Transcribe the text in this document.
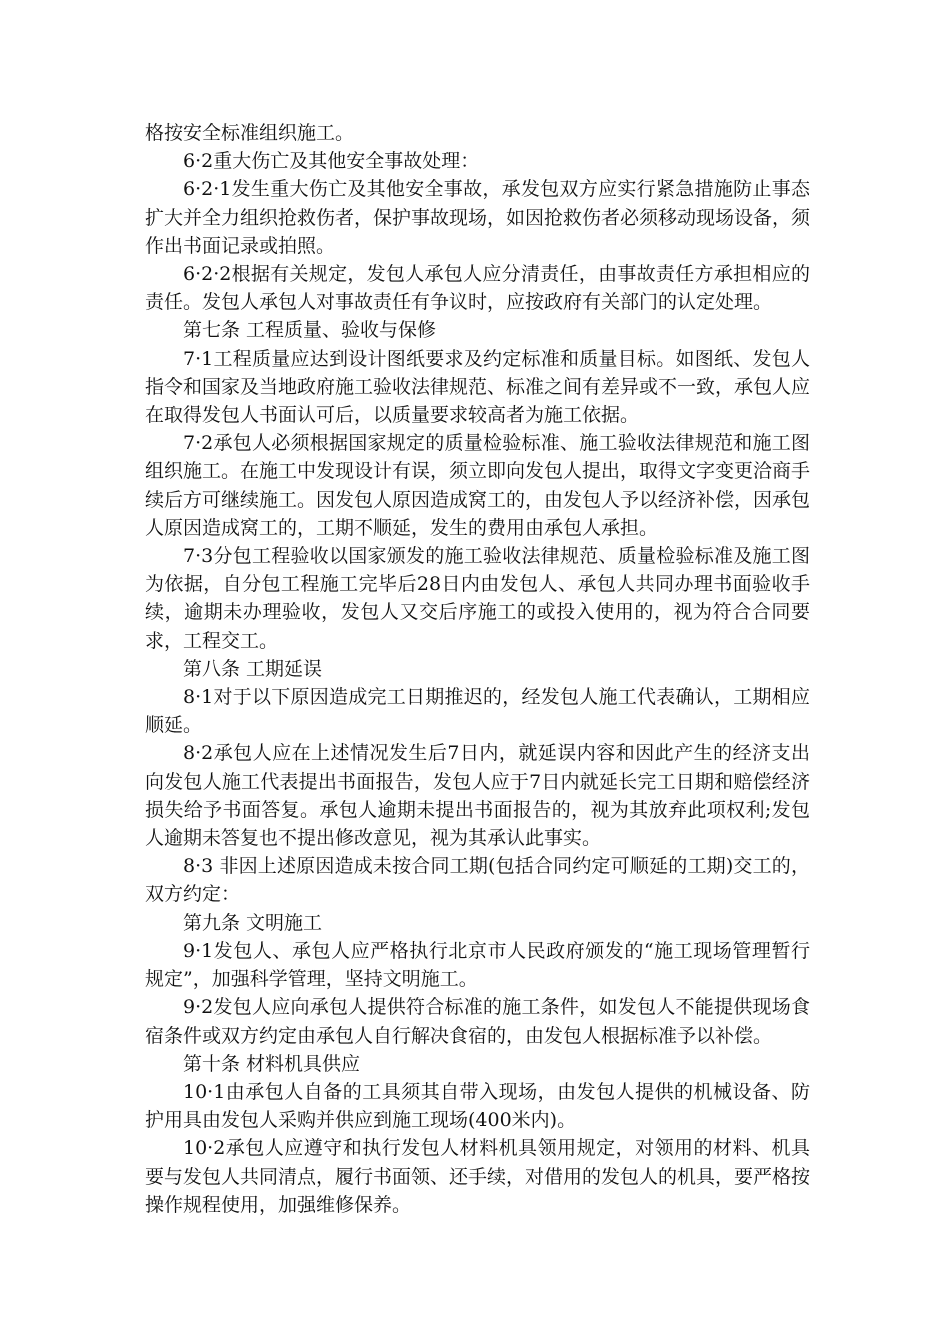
格按安全标准组织施工。

6·2重大伤亡及其他安全事故处理：

6·2·1发生重大伤亡及其他安全事故，承发包双方应实行紧急措施防止事态扩大并全力组织抢救伤者，保护事故现场，如因抢救伤者必须移动现场设备，须作出书面记录或拍照。

6·2·2根据有关规定，发包人承包人应分清责任，由事故责任方承担相应的责任。发包人承包人对事故责任有争议时，应按政府有关部门的认定处理。

第七条 工程质量、验收与保修

7·1工程质量应达到设计图纸要求及约定标准和质量目标。如图纸、发包人指令和国家及当地政府施工验收法律规范、标准之间有差异或不一致，承包人应在取得发包人书面认可后，以质量要求较高者为施工依据。

7·2承包人必须根据国家规定的质量检验标准、施工验收法律规范和施工图组织施工。在施工中发现设计有误，须立即向发包人提出，取得文字变更洽商手续后方可继续施工。因发包人原因造成窝工的，由发包人予以经济补偿，因承包人原因造成窝工的，工期不顺延，发生的费用由承包人承担。

7·3分包工程验收以国家颁发的施工验收法律规范、质量检验标准及施工图为依据，自分包工程施工完毕后28日内由发包人、承包人共同办理书面验收手续，逾期未办理验收，发包人又交后序施工的或投入使用的，视为符合合同要求，工程交工。

第八条 工期延误

8·1对于以下原因造成完工日期推迟的，经发包人施工代表确认，工期相应顺延。

8·2承包人应在上述情况发生后7日内，就延误内容和因此产生的经济支出向发包人施工代表提出书面报告，发包人应于7日内就延长完工日期和赔偿经济损失给予书面答复。承包人逾期未提出书面报告的，视为其放弃此项权利;发包人逾期未答复也不提出修改意见，视为其承认此事实。

8·3 非因上述原因造成未按合同工期(包括合同约定可顺延的工期)交工的，双方约定：

第九条 文明施工

9·1发包人、承包人应严格执行北京市人民政府颁发的“施工现场管理暂行规定”，加强科学管理，坚持文明施工。

9·2发包人应向承包人提供符合标准的施工条件，如发包人不能提供现场食宿条件或双方约定由承包人自行解决食宿的，由发包人根据标准予以补偿。

第十条 材料机具供应

10·1由承包人自备的工具须其自带入现场，由发包人提供的机械设备、防护用具由发包人采购并供应到施工现场(400米内)。

10·2承包人应遵守和执行发包人材料机具领用规定，对领用的材料、机具要与发包人共同清点，履行书面领、还手续，对借用的发包人的机具，要严格按操作规程使用，加强维修保养。
